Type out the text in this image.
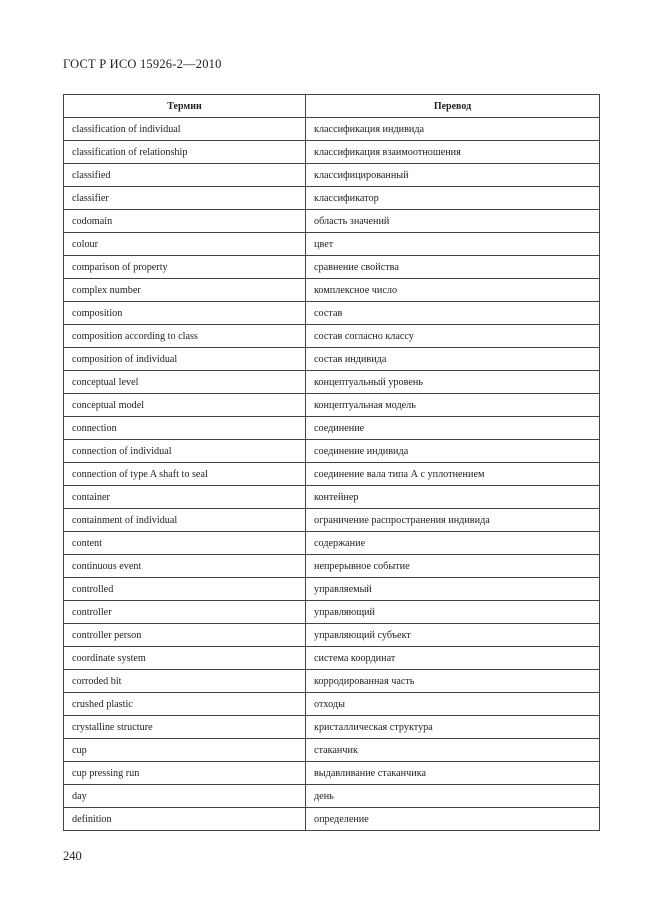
ГОСТ Р ИСО 15926-2—2010
Термин	Перевод
classification of individual	классификация индивида
classification of relationship	классификация взаимоотношения
classified	классифицированный
classifier	классификатор
codomain	область значений
colour	цвет
comparison of property	сравнение свойства
complex number	комплексное число
composition	состав
composition according to class	состав согласно классу
composition of individual	состав индивида
conceptual level	концептуальный уровень
conceptual model	концептуальная модель
connection	соединение
connection of individual	соединение индивида
connection of type A shaft to seal	соединение вала типа А с уплотнением
container	контейнер
containment of individual	ограничение распространения индивида
content	содержание
continuous event	непрерывное событие
controlled	управляемый
controller	управляющий
controller person	управляющий субъект
coordinate system	система координат
corroded bit	корродированная часть
crushed plastic	отходы
crystalline structure	кристаллическая структура
cup	стаканчик
cup pressing run	выдавливание стаканчика
day	день
definition	определение
240
